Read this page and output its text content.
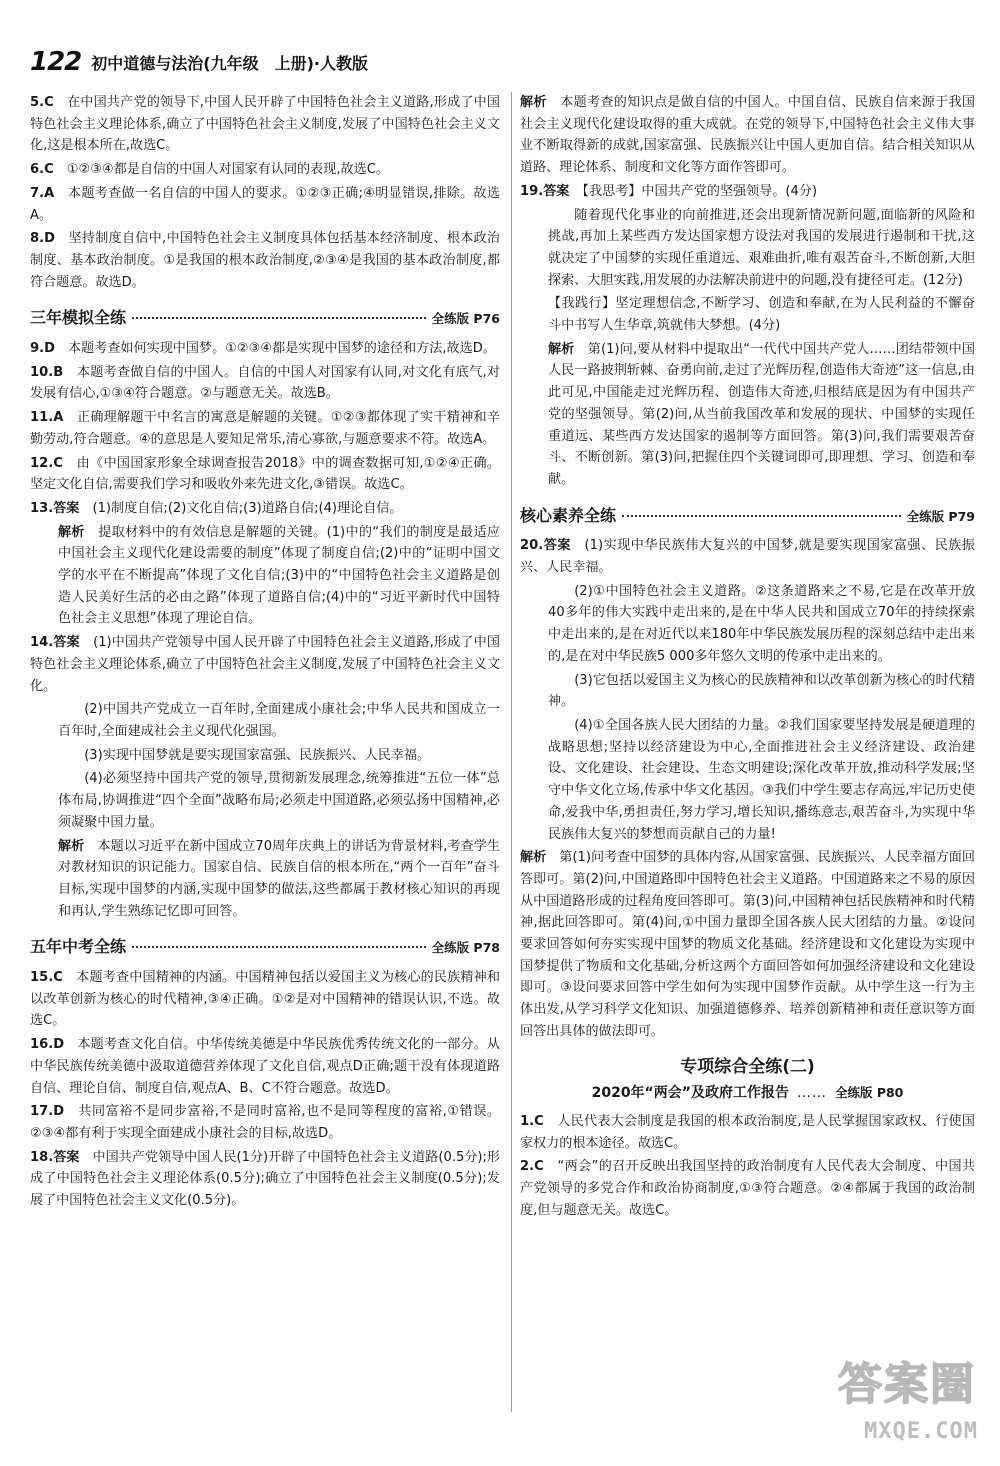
122 初中道德与法治(九年级　上册)·人教版
5.C　 在中国共产党的领导下,中国人民开辟了中国特色社会主义道路,形成了中国特色社会主义理论体系,确立了中国特色社会主义制度,发展了中国特色社会主义文化,这是根本所在,故选C。
6.C　 ①②③④都是自信的中国人对国家有认同的表现,故选C。
7.A　 本题考查做一名自信的中国人的要求。①②③正确;④明显错误,排除。故选A。
8.D　 坚持制度自信中,中国特色社会主义制度具体包括基本经济制度、根本政治制度、基本政治制度。①是我国的根本政治制度,②③④是我国的基本政治制度,都符合题意。故选D。
三年模拟全练	全练版 P76
9.D　 本题考查如何实现中国梦。①②③④都是实现中国梦的途径和方法,故选D。
10.B　 本题考查做自信的中国人。自信的中国人对国家有认同,对文化有底气,对发展有信心,①③④符合题意。②与题意无关。故选B。
11.A　 正确理解题干中名言的寓意是解题的关键。①②③都体现了实干精神和辛勤劳动,符合题意。④的意思是人要知足常乐,清心寡欲,与题意要求不符。故选A。
12.C　 由《中国国家形象全球调查报告2018》中的调查数据可知,①②④正确。坚定文化自信,需要我们学习和吸收外来先进文化,③错误。故选C。
13.答案　 (1)制度自信;(2)文化自信;(3)道路自信;(4)理论自信。
解析　 提取材料中的有效信息是解题的关键。(1)中的“我们的制度是最适应中国社会主义现代化建设需要的制度”体现了制度自信;(2)中的“证明中国文学的水平在不断提高”体现了文化自信;(3)中的“中国特色社会主义道路是创造人民美好生活的必由之路”体现了道路自信;(4)中的“习近平新时代中国特色社会主义思想”体现了理论自信。
14.答案　 (1)中国共产党领导中国人民开辟了中国特色社会主义道路,形成了中国特色社会主义理论体系,确立了中国特色社会主义制度,发展了中国特色社会主义文化。
(2)中国共产党成立一百年时,全面建成小康社会;中华人民共和国成立一百年时,全面建成社会主义现代化强国。
(3)实现中国梦就是要实现国家富强、民族振兴、人民幸福。
(4)必须坚持中国共产党的领导,贯彻新发展理念,统筹推进“五位一体”总体布局,协调推进“四个全面”战略布局;必须走中国道路,必须弘扬中国精神,必须凝聚中国力量。
解析　 本题以习近平在新中国成立70周年庆典上的讲话为背景材料,考查学生对教材知识的识记能力。国家自信、民族自信的根本所在,“两个一百年”奋斗目标,实现中国梦的内涵,实现中国梦的做法,这些都属于教材核心知识的再现和再认,学生熟练记忆即可回答。
五年中考全练	全练版 P78
15.C　 本题考查中国精神的内涵。中国精神包括以爱国主义为核心的民族精神和以改革创新为核心的时代精神,③④正确。①②是对中国精神的错误认识,不选。故选C。
16.D　 本题考查文化自信。中华传统美德是中华民族优秀传统文化的一部分。从中华民族传统美德中汲取道德营养体现了文化自信,观点D正确;题干没有体现道路自信、理论自信、制度自信,观点A、B、C不符合题意。故选D。
17.D　 共同富裕不是同步富裕,不是同时富裕,也不是同等程度的富裕,①错误。②③④都有利于实现全面建成小康社会的目标,故选D。
18.答案　 中国共产党领导中国人民(1分)开辟了中国特色社会主义道路(0.5分);形成了中国特色社会主义理论体系(0.5分);确立了中国特色社会主义制度(0.5分);发展了中国特色社会主义文化(0.5分)。
解析　 本题考查的知识点是做自信的中国人。中国自信、民族自信来源于我国社会主义现代化建设取得的重大成就。在党的领导下,中国特色社会主义伟大事业不断取得新的成就,国家富强、民族振兴让中国人更加自信。结合相关知识从道路、理论体系、制度和文化等方面作答即可。
19.答案　 【我思考】中国共产党的坚强领导。(4分)
随着现代化事业的向前推进,还会出现新情况新问题,面临新的风险和挑战,再加上某些西方发达国家想方设法对我国的发展进行遏制和干扰,这就决定了中国梦的实现任重道远、艰难曲折,唯有艰苦奋斗,不断创新,大胆探索、大胆实践,用发展的办法解决前进中的问题,没有捷径可走。(12分)
【我践行】坚定理想信念,不断学习、创造和奉献,在为人民利益的不懈奋斗中书写人生华章,筑就伟大梦想。(4分)
解析　 第(1)问,要从材料中提取出“一代代中国共产党人……团结带领中国人民一路披荆斩棘、奋勇向前,走过了光辉历程,创造伟大奇迹”这一信息,由此可见,中国能走过光辉历程、创造伟大奇迹,归根结底是因为有中国共产党的坚强领导。第(2)问,从当前我国改革和发展的现状、中国梦的实现任重道远、某些西方发达国家的遏制等方面回答。第(3)问,我们需要艰苦奋斗、不断创新。第(3)问,把握住四个关键词即可,即理想、学习、创造和奉献。
核心素养全练	全练版 P79
20.答案　 (1)实现中华民族伟大复兴的中国梦,就是要实现国家富强、民族振兴、人民幸福。
(2)①中国特色社会主义道路。②这条道路来之不易,它是在改革开放40多年的伟大实践中走出来的,是在中华人民共和国成立70年的持续探索中走出来的,是在对近代以来180年中华民族发展历程的深刻总结中走出来的,是在对中华民族5 000多年悠久文明的传承中走出来的。
(3)它包括以爱国主义为核心的民族精神和以改革创新为核心的时代精神。
(4)①全国各族人民大团结的力量。②我们国家要坚持发展是硬道理的战略思想;坚持以经济建设为中心,全面推进社会主义经济建设、政治建设、文化建设、社会建设、生态文明建设;深化改革开放,推动科学发展;坚守中华文化立场,传承中华文化基因。③我们中学生要志存高远,牢记历史使命,爱我中华,勇担责任,努力学习,增长知识,播练意志,艰苦奋斗,为实现中华民族伟大复兴的梦想而贡献自己的力量!
解析　 第(1)问考查中国梦的具体内容,从国家富强、民族振兴、人民幸福方面回答即可。第(2)问,中国道路即中国特色社会主义道路。中国道路来之不易的原因从中国道路形成的过程角度回答即可。第(3)问,中国精神包括民族精神和时代精神,据此回答即可。第(4)问,①中国力量即全国各族人民大团结的力量。②设问要求回答如何夯实实现中国梦的物质文化基础。经济建设和文化建设为实现中国梦提供了物质和文化基础,分析这两个方面回答如何加强经济建设和文化建设即可。③设问要求回答中学生如何为实现中国梦作贡献。从中学生这一行为主体出发,从学习科学文化知识、加强道德修养、培养创新精神和责任意识等方面回答出具体的做法即可。
专项综合全练(二)
2020年“两会”及政府工作报告 …… 全练版 P80
1.C　 人民代表大会制度是我国的根本政治制度,是人民掌握国家政权、行使国家权力的根本途径。故选C。
2.C　 “两会”的召开反映出我国坚持的政治制度有人民代表大会制度、中国共产党领导的多党合作和政治协商制度,①③符合题意。②④都属于我国的政治制度,但与题意无关。故选C。
答案圈
MXQE.COM
